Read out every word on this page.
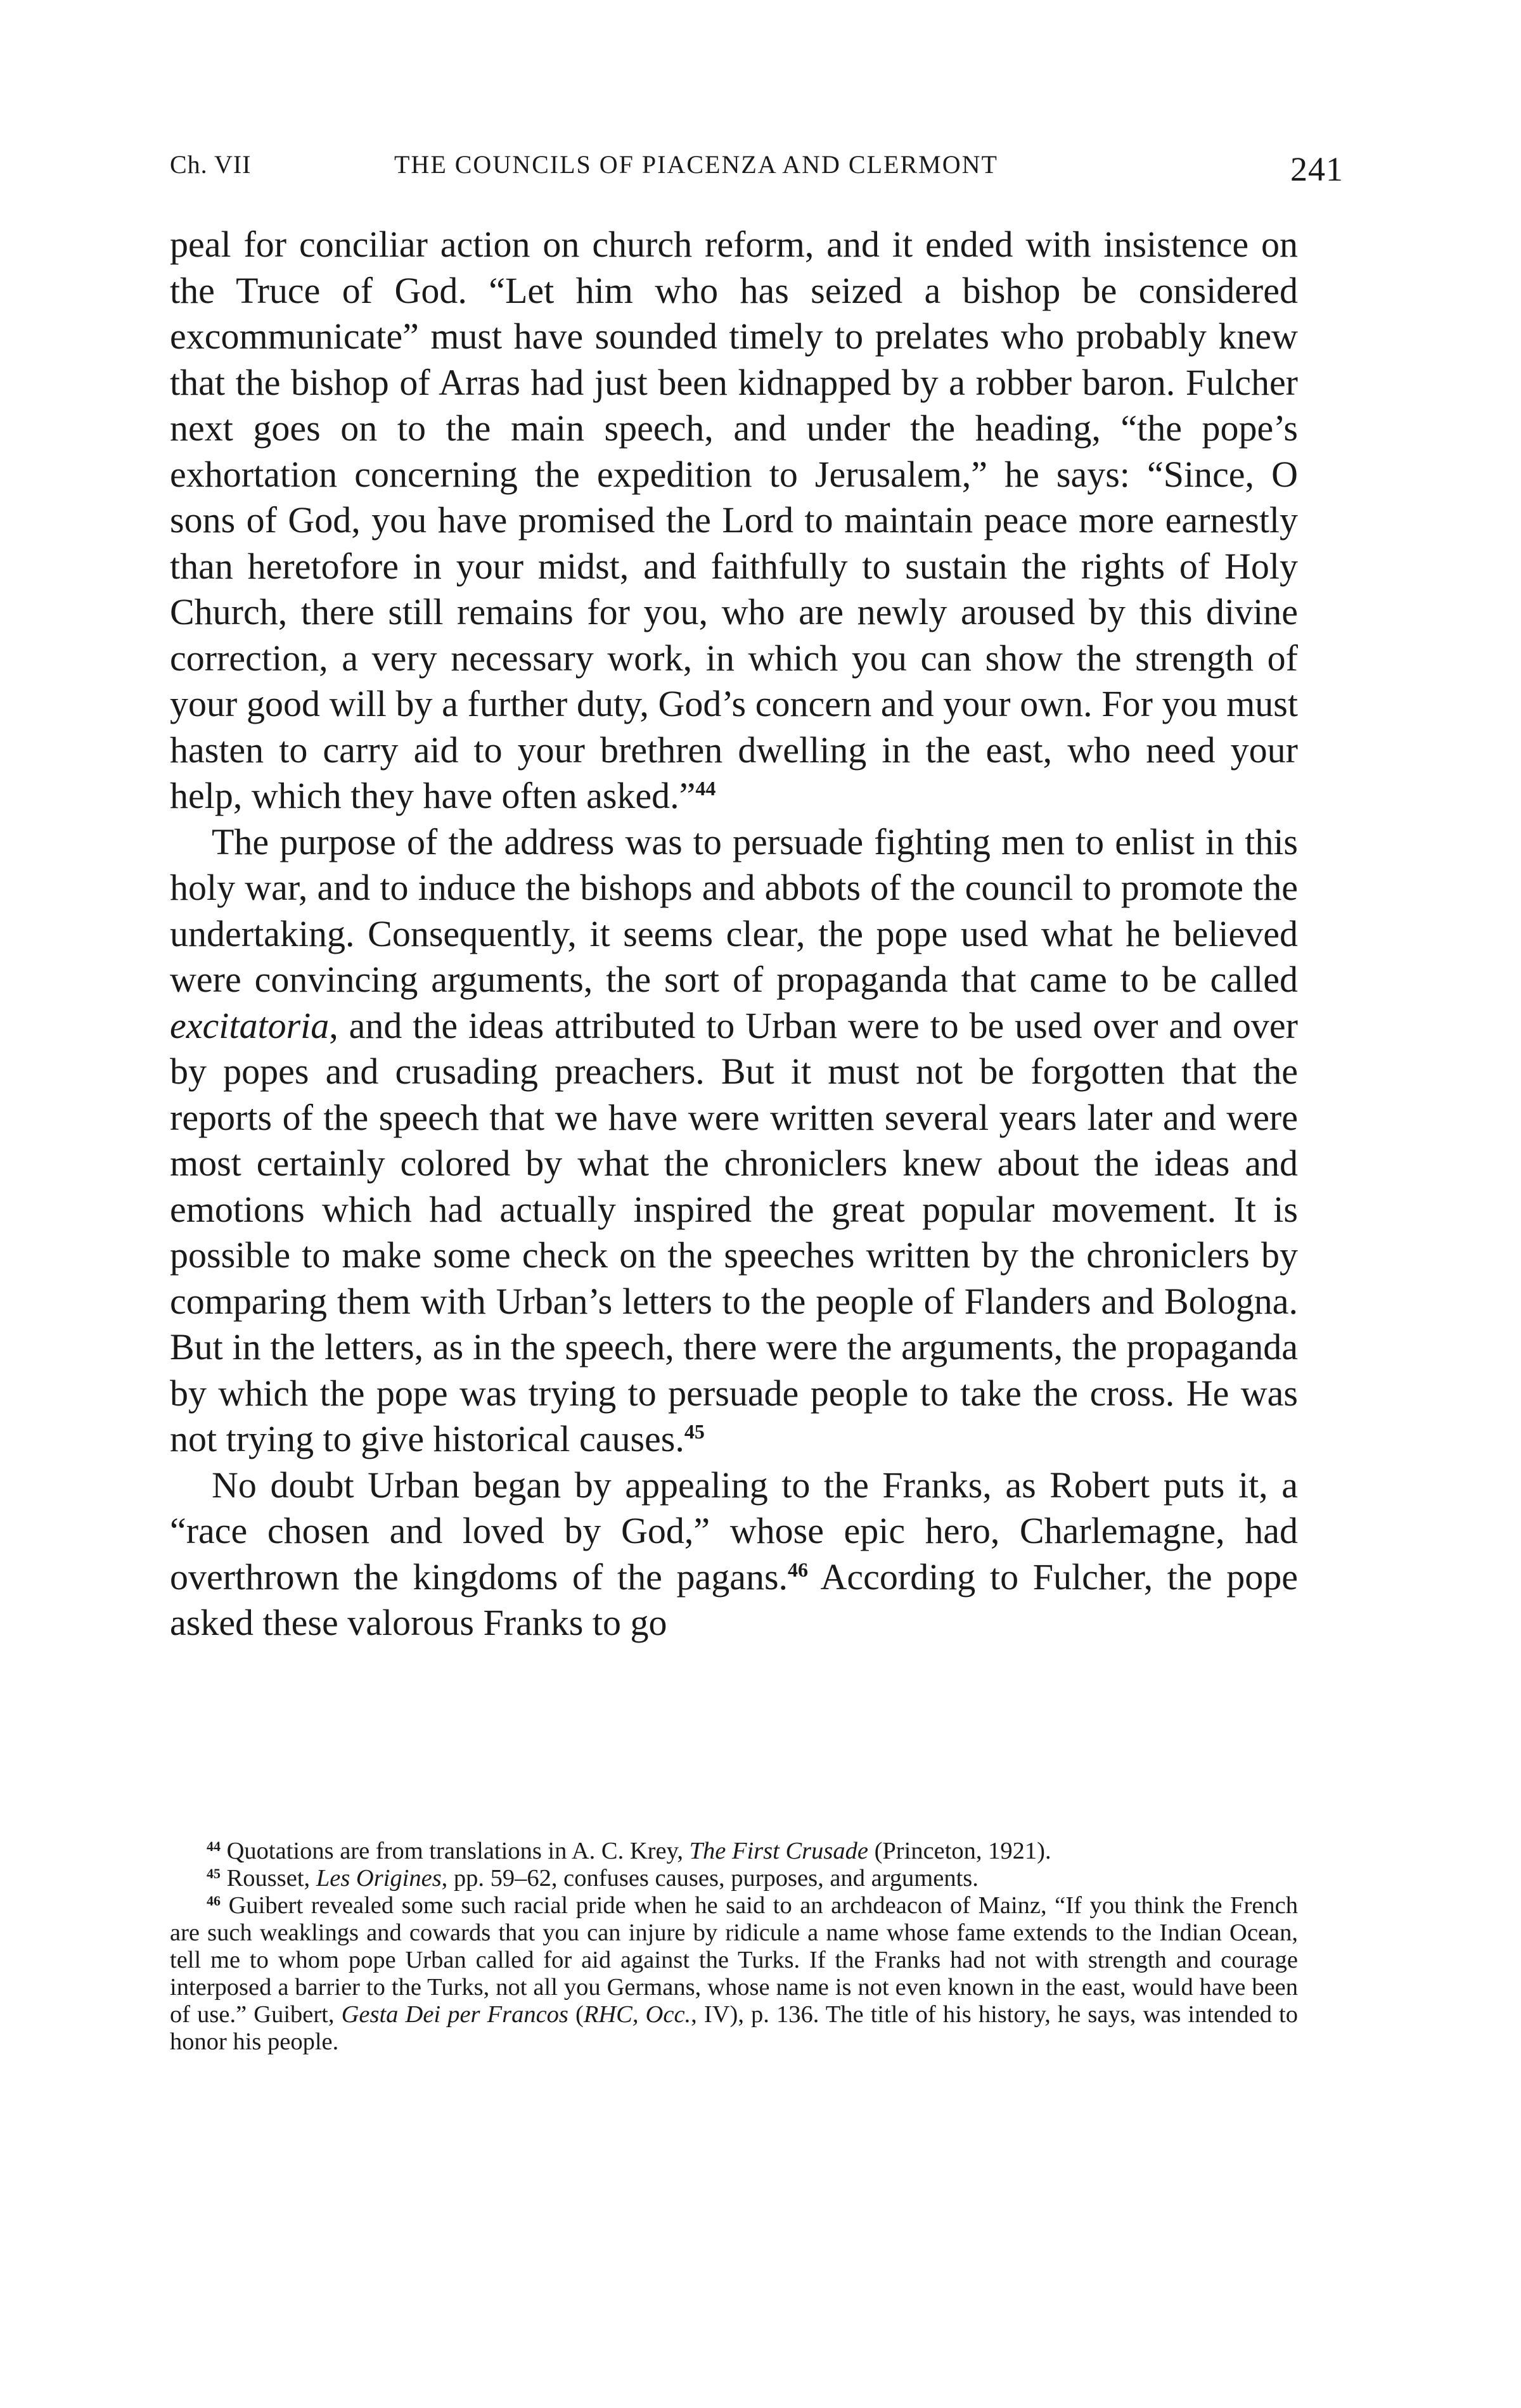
Ch. VII	THE COUNCILS OF PIACENZA AND CLERMONT	241

peal for conciliar action on church reform, and it ended with insistence on the Truce of God. “Let him who has seized a bishop be considered excommunicate” must have sounded timely to prelates who probably knew that the bishop of Arras had just been kidnapped by a robber baron. Fulcher next goes on to the main speech, and under the heading, “the pope’s exhortation concerning the expedition to Jerusalem,” he says: “Since, O sons of God, you have promised the Lord to maintain peace more earnestly than heretofore in your midst, and faithfully to sustain the rights of Holy Church, there still remains for you, who are newly aroused by this divine correction, a very necessary work, in which you can show the strength of your good will by a further duty, God’s concern and your own. For you must hasten to carry aid to your brethren dwelling in the east, who need your help, which they have often asked.”$^{44}$

The purpose of the address was to persuade fighting men to enlist in this holy war, and to induce the bishops and abbots of the council to promote the undertaking. Consequently, it seems clear, the pope used what he believed were convincing arguments, the sort of propaganda that came to be called excitatoria, and the ideas attributed to Urban were to be used over and over by popes and crusading preachers. But it must not be forgotten that the reports of the speech that we have were written several years later and were most certainly colored by what the chroniclers knew about the ideas and emotions which had actually inspired the great popular movement. It is possible to make some check on the speeches written by the chroniclers by comparing them with Urban’s letters to the people of Flanders and Bologna. But in the letters, as in the speech, there were the arguments, the propaganda by which the pope was trying to persuade people to take the cross. He was not trying to give historical causes.$^{45}$

No doubt Urban began by appealing to the Franks, as Robert puts it, a “race chosen and loved by God,” whose epic hero, Charlemagne, had overthrown the kingdoms of the pagans.$^{46}$ According to Fulcher, the pope asked these valorous Franks to go

$^{44}$ Quotations are from translations in A. C. Krey, The First Crusade (Princeton, 1921).

$^{45}$ Rousset, Les Origines, pp. 59–62, confuses causes, purposes, and arguments.

$^{46}$ Guibert revealed some such racial pride when he said to an archdeacon of Mainz, “If you think the French are such weaklings and cowards that you can injure by ridicule a name whose fame extends to the Indian Ocean, tell me to whom pope Urban called for aid against the Turks. If the Franks had not with strength and courage interposed a barrier to the Turks, not all you Germans, whose name is not even known in the east, would have been of use.” Guibert, Gesta Dei per Francos (RHC, Occ., IV), p. 136. The title of his history, he says, was intended to honor his people.
